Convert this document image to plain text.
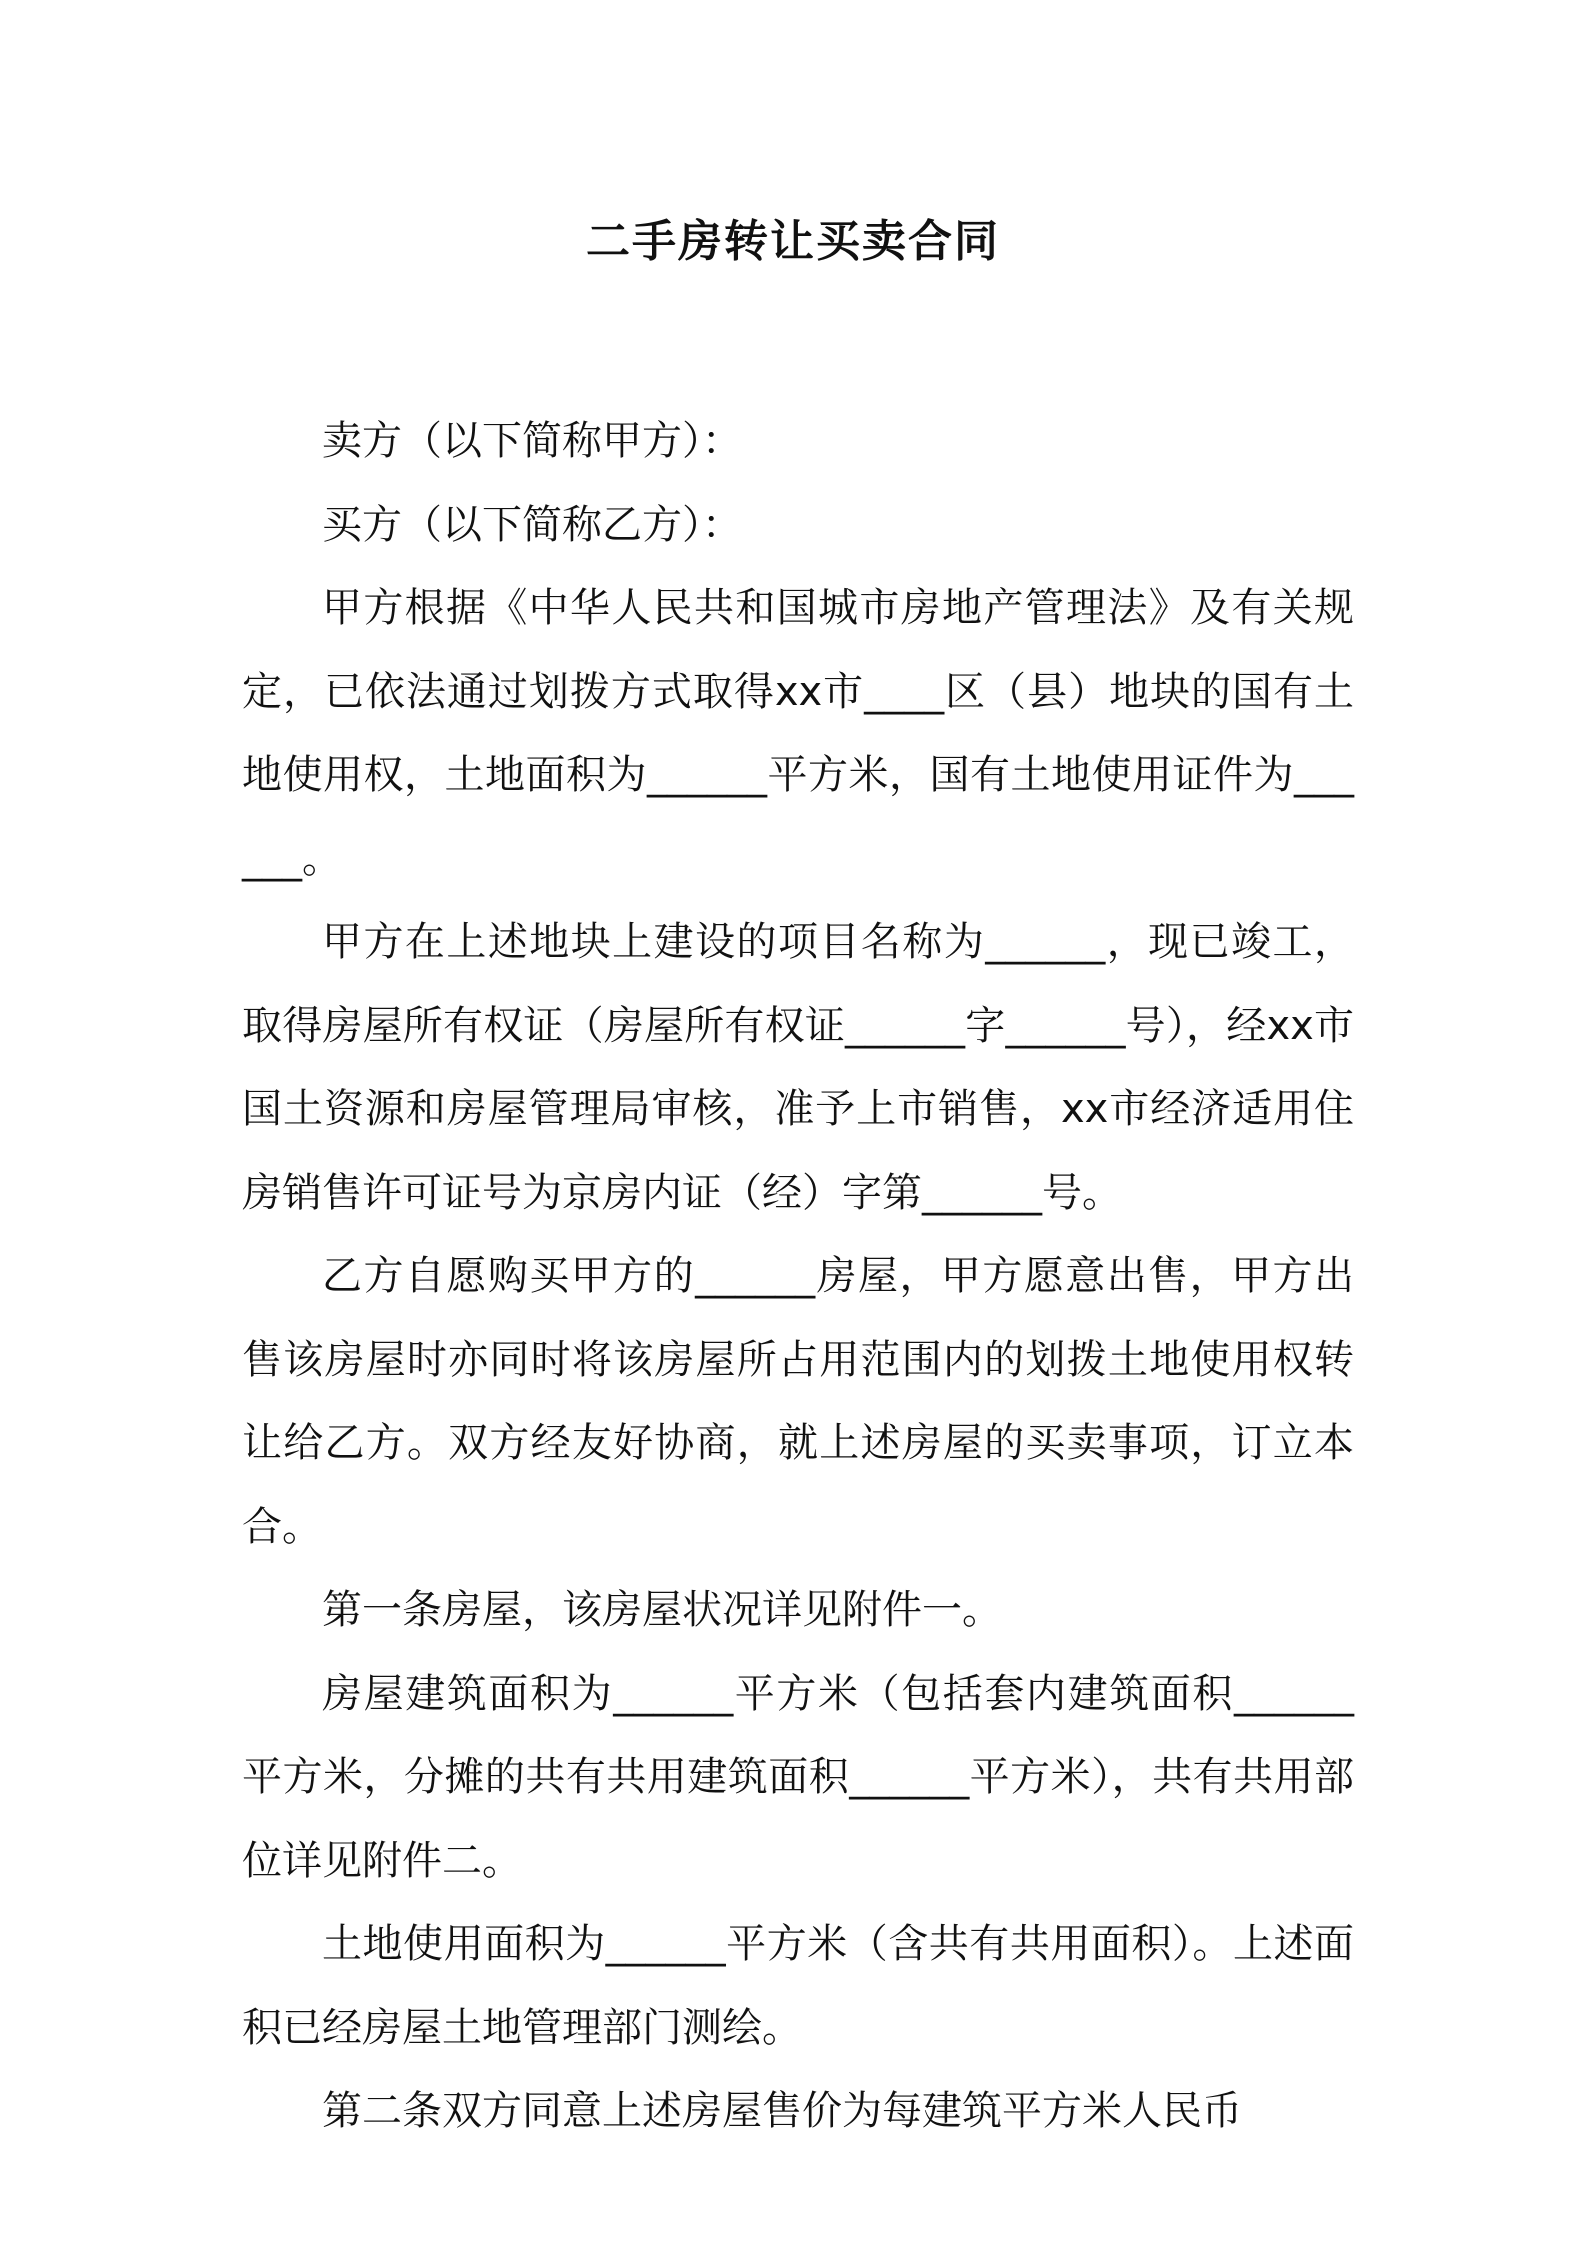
二手房转让买卖合同

卖方（以下简称甲方）：

买方（以下简称乙方）：

甲方根据《中华人民共和国城市房地产管理法》及有关规定，已依法通过划拨方式取得xx市____区（县）地块的国有土地使用权，土地面积为______平方米，国有土地使用证件为______。

甲方在上述地块上建设的项目名称为______，现已竣工，取得房屋所有权证（房屋所有权证______字______号），经xx市国土资源和房屋管理局审核，准予上市销售，xx市经济适用住房销售许可证号为京房内证（经）字第______号。

乙方自愿购买甲方的______房屋，甲方愿意出售，甲方出售该房屋时亦同时将该房屋所占用范围内的划拨土地使用权转让给乙方。双方经友好协商，就上述房屋的买卖事项，订立本合。

第一条房屋，该房屋状况详见附件一。

房屋建筑面积为______平方米（包括套内建筑面积______平方米，分摊的共有共用建筑面积______平方米），共有共用部位详见附件二。

土地使用面积为______平方米（含共有共用面积）。上述面积已经房屋土地管理部门测绘。

第二条双方同意上述房屋售价为每建筑平方米人民币
